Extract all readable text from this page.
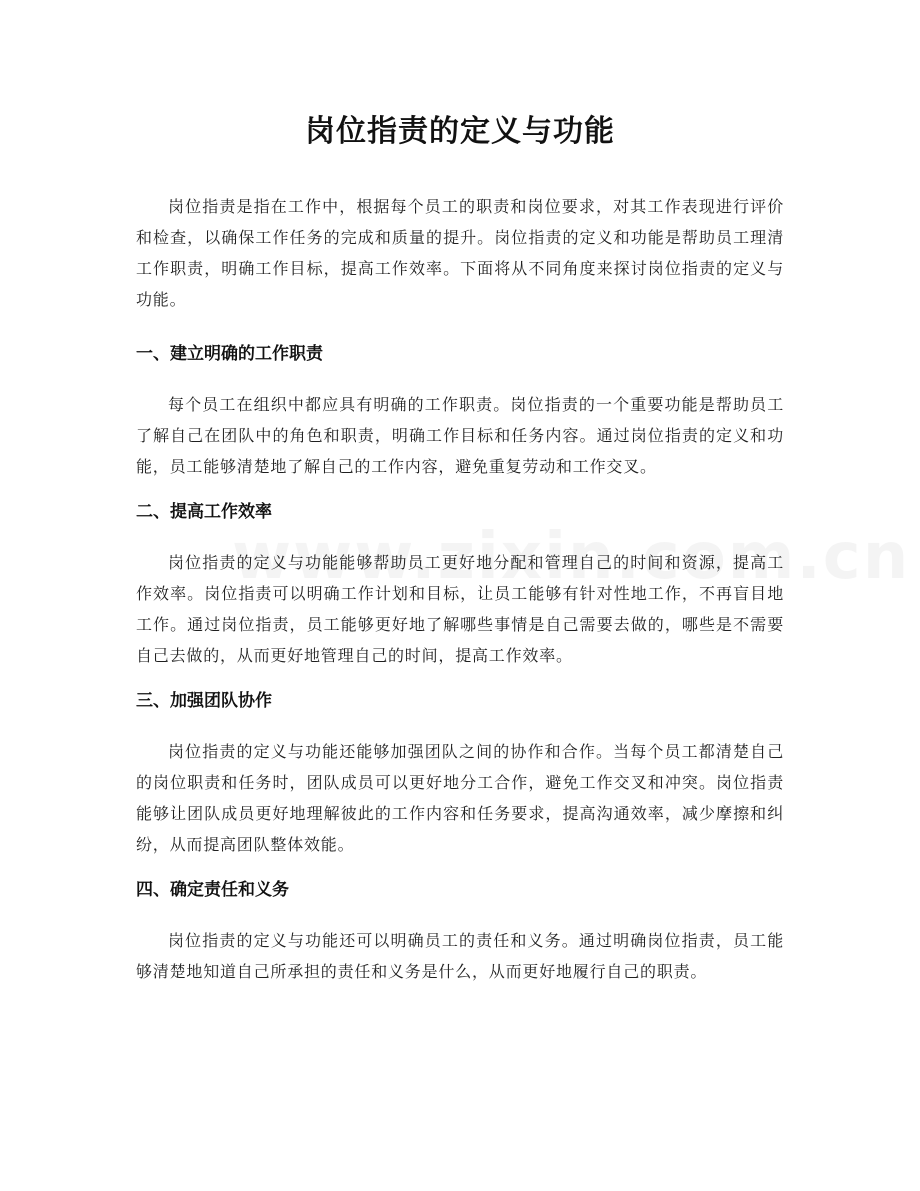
岗位指责的定义与功能

岗位指责是指在工作中，根据每个员工的职责和岗位要求，对其工作表现进行评价和检查，以确保工作任务的完成和质量的提升。岗位指责的定义和功能是帮助员工理清工作职责，明确工作目标，提高工作效率。下面将从不同角度来探讨岗位指责的定义与功能。

一、建立明确的工作职责

每个员工在组织中都应具有明确的工作职责。岗位指责的一个重要功能是帮助员工了解自己在团队中的角色和职责，明确工作目标和任务内容。通过岗位指责的定义和功能，员工能够清楚地了解自己的工作内容，避免重复劳动和工作交叉。

二、提高工作效率

岗位指责的定义与功能能够帮助员工更好地分配和管理自己的时间和资源，提高工作效率。岗位指责可以明确工作计划和目标，让员工能够有针对性地工作，不再盲目地工作。通过岗位指责，员工能够更好地了解哪些事情是自己需要去做的，哪些是不需要自己去做的，从而更好地管理自己的时间，提高工作效率。

三、加强团队协作

岗位指责的定义与功能还能够加强团队之间的协作和合作。当每个员工都清楚自己的岗位职责和任务时，团队成员可以更好地分工合作，避免工作交叉和冲突。岗位指责能够让团队成员更好地理解彼此的工作内容和任务要求，提高沟通效率，减少摩擦和纠纷，从而提高团队整体效能。

四、确定责任和义务

岗位指责的定义与功能还可以明确员工的责任和义务。通过明确岗位指责，员工能够清楚地知道自己所承担的责任和义务是什么，从而更好地履行自己的职责。
